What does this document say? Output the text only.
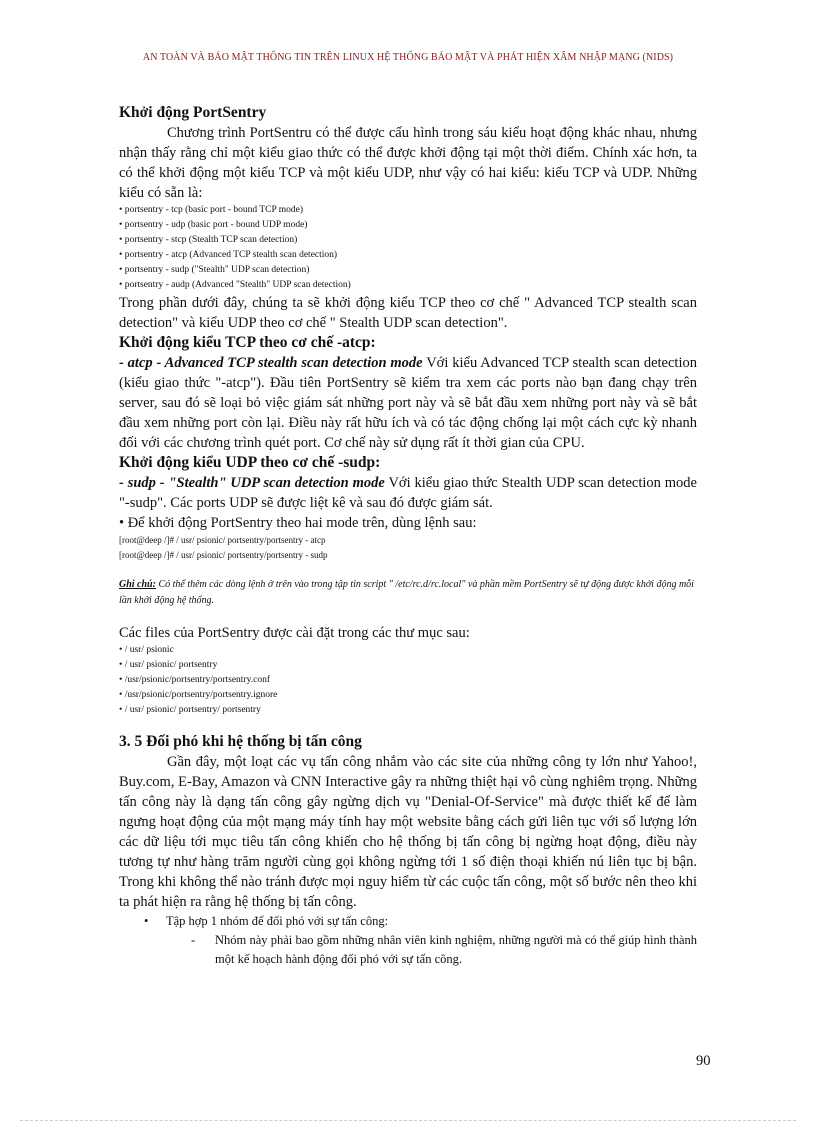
AN TOÀN VÀ BẢO MẬT THÔNG TIN TRÊN LINUX HỆ THỐNG BẢO MẬT VÀ PHÁT HIỆN XÂM NHẬP MẠNG (NIDS)
Khởi động PortSentry
Chương trình PortSentru có thể được cấu hình trong sáu kiểu hoạt động khác nhau, nhưng nhận thấy rằng chỉ một kiểu giao thức có thể được khởi động tại một thời điểm. Chính xác hơn, ta có thể khởi động một kiểu TCP và một kiểu UDP, như vậy có hai kiểu: kiểu TCP và UDP. Những kiểu có sẵn là:
• portsentry - tcp (basic port - bound TCP mode)
• portsentry - udp (basic port - bound UDP mode)
• portsentry - stcp (Stealth TCP scan detection)
• portsentry - atcp (Advanced TCP stealth scan detection)
• portsentry - sudp ("Stealth" UDP scan detection)
• portsentry - audp (Advanced "Stealth" UDP scan detection)
Trong phần dưới đây, chúng ta sẽ khởi động kiểu TCP theo cơ chế " Advanced TCP stealth scan detection" và kiểu UDP theo cơ chế " Stealth UDP scan detection".
Khởi động kiểu TCP theo cơ chế -atcp:
- atcp - Advanced TCP stealth scan detection mode Với kiểu Advanced TCP stealth scan detection (kiểu giao thức "-atcp"). Đầu tiên PortSentry sẽ kiểm tra xem các ports nào bạn đang chạy trên server, sau đó sẽ loại bỏ việc giám sát những port này và sẽ bắt đầu xem những port này và sẽ bắt đầu xem những port còn lại. Điều này rất hữu ích và có tác động chống lại một cách cực kỳ nhanh đối với các chương trình quét port. Cơ chế này sử dụng rất ít thời gian của CPU.
Khởi động kiểu UDP theo cơ chế -sudp:
- sudp - "Stealth" UDP scan detection mode Với kiểu giao thức Stealth UDP scan detection mode "-sudp". Các ports UDP sẽ được liệt kê và sau đó được giám sát.
• Để khởi động PortSentry theo hai mode trên, dùng lệnh sau:
[root@deep /]# / usr/ psionic/ portsentry/portsentry - atcp
[root@deep /]# / usr/ psionic/ portsentry/portsentry - sudp
Ghi chú: Có thể thêm các dòng lệnh ở trên vào trong tập tin script " /etc/rc.d/rc.local" và phần mềm PortSentry sẽ tự động được khởi động mỗi lần khởi động hệ thống.
Các files của PortSentry được cài đặt trong các thư mục sau:
• / usr/ psionic
• / usr/ psionic/ portsentry
• /usr/psionic/portsentry/portsentry.conf
• /usr/psionic/portsentry/portsentry.ignore
• / usr/ psionic/ portsentry/ portsentry
3. 5 Đối phó khi hệ thống bị tấn công
Gần đây, một loạt các vụ tấn công nhắm vào các site của những công ty lớn như Yahoo!, Buy.com, E-Bay, Amazon và CNN Interactive gây ra những thiệt hại vô cùng nghiêm trọng. Những tấn công này là dạng tấn công gây ngừng dịch vụ "Denial-Of-Service" mà được thiết kế để làm ngưng hoạt động của một mạng máy tính hay một website bằng cách gửi liên tục với số lượng lớn các dữ liệu tới mục tiêu tấn công khiến cho hệ thống bị tấn công bị ngừng hoạt động, điều này tương tự như hàng trăm người cùng gọi không ngừng tới 1 số điện thoại khiến nú liên tục bị bận. Trong khi không thể nào tránh được mọi nguy hiểm từ các cuộc tấn công, một số bước nên theo khi ta phát hiện ra rằng hệ thống bị tấn công.
• Tập hợp 1 nhóm để đối phó với sự tấn công:
- Nhóm này phải bao gồm những nhân viên kinh nghiệm, những người mà có thể giúp hình thành một kế hoạch hành động đối phó với sự tấn công.
90
